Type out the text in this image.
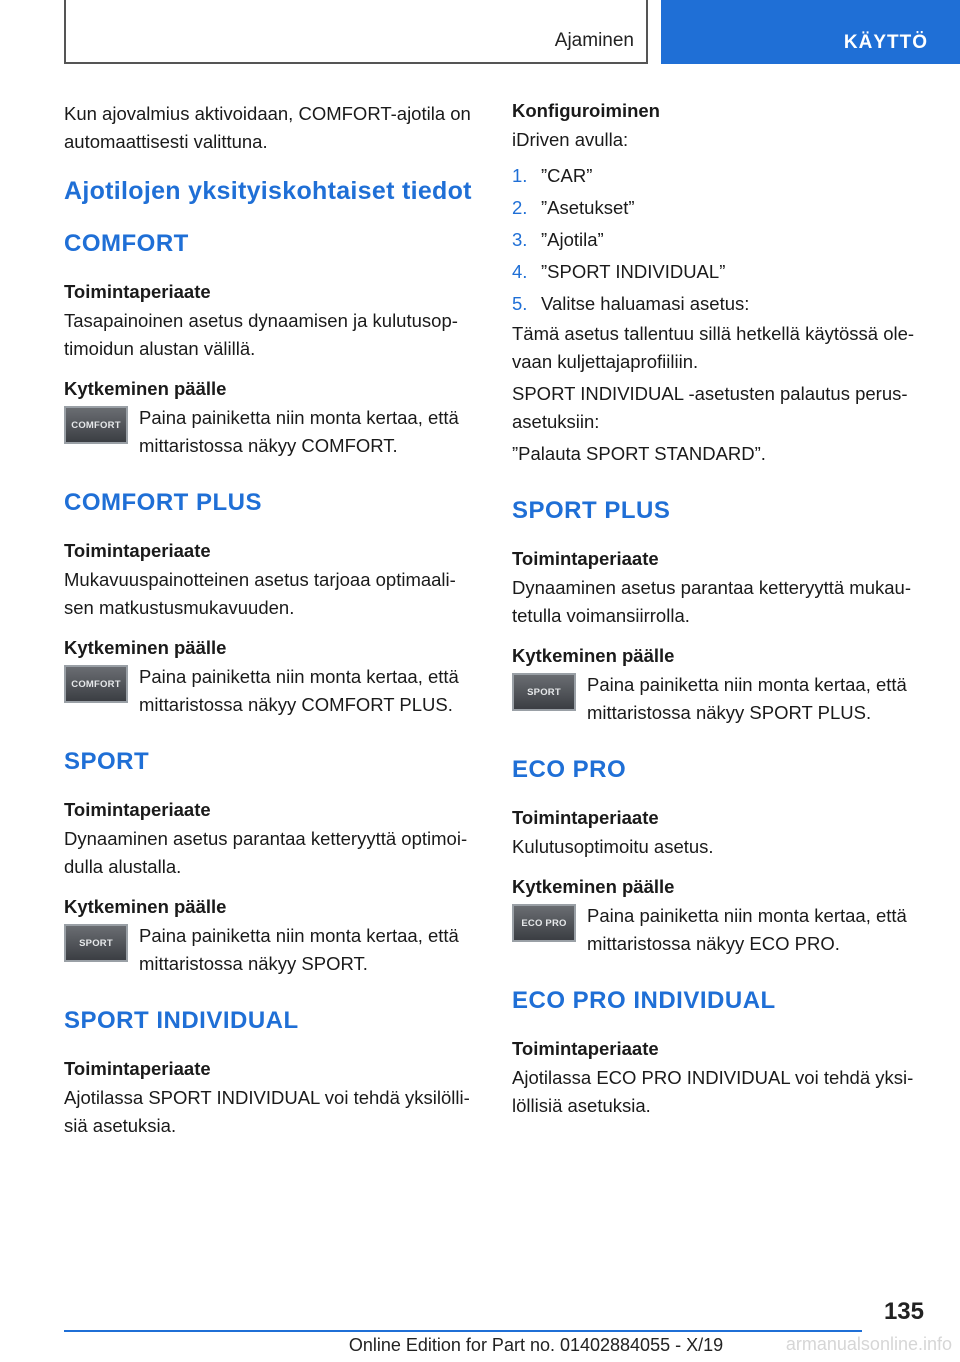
Ajaminen	KÄYTTÖ

Kun ajovalmius aktivoidaan, COMFORT-ajotila on automaattisesti valittuna.

Ajotilojen yksityiskohtaiset tiedot
COMFORT
Toimintaperiaate

Tasapainoinen asetus dynaamisen ja kulutusoptimoidun alustan välillä.

Kytkeminen päälle
COMFORT Paina painiketta niin monta kertaa, että mittaristossa näkyy COMFORT.
COMFORT PLUS
Toimintaperiaate

Mukavuuspainotteinen asetus tarjoaa optimaalisen matkustusmukavuuden.

Kytkeminen päälle
COMFORT Paina painiketta niin monta kertaa, että mittaristossa näkyy COMFORT PLUS.
SPORT
Toimintaperiaate

Dynaaminen asetus parantaa ketteryyttä optimoidulla alustalla.

Kytkeminen päälle
SPORT Paina painiketta niin monta kertaa, että mittaristossa näkyy SPORT.
SPORT INDIVIDUAL
Toimintaperiaate

Ajotilassa SPORT INDIVIDUAL voi tehdä yksilöllisiä asetuksia.

Konfiguroiminen

iDriven avulla:

1. ”CAR”
2. ”Asetukset”
3. ”Ajotila”
4. ”SPORT INDIVIDUAL”
5. Valitse haluamasi asetus:

Tämä asetus tallentuu sillä hetkellä käytössä olevaan kuljettajaprofiiliin.

SPORT INDIVIDUAL -asetusten palautus perusasetuksiin:

”Palauta SPORT STANDARD”.

SPORT PLUS
Toimintaperiaate

Dynaaminen asetus parantaa ketteryyttä mukautetulla voimansiirrolla.

Kytkeminen päälle
SPORT Paina painiketta niin monta kertaa, että mittaristossa näkyy SPORT PLUS.
ECO PRO
Toimintaperiaate

Kulutusoptimoitu asetus.

Kytkeminen päälle
ECO PRO Paina painiketta niin monta kertaa, että mittaristossa näkyy ECO PRO.
ECO PRO INDIVIDUAL
Toimintaperiaate

Ajotilassa ECO PRO INDIVIDUAL voi tehdä yksilöllisiä asetuksia.

135
Online Edition for Part no. 01402884055 - X/19	armanualsonline.info
